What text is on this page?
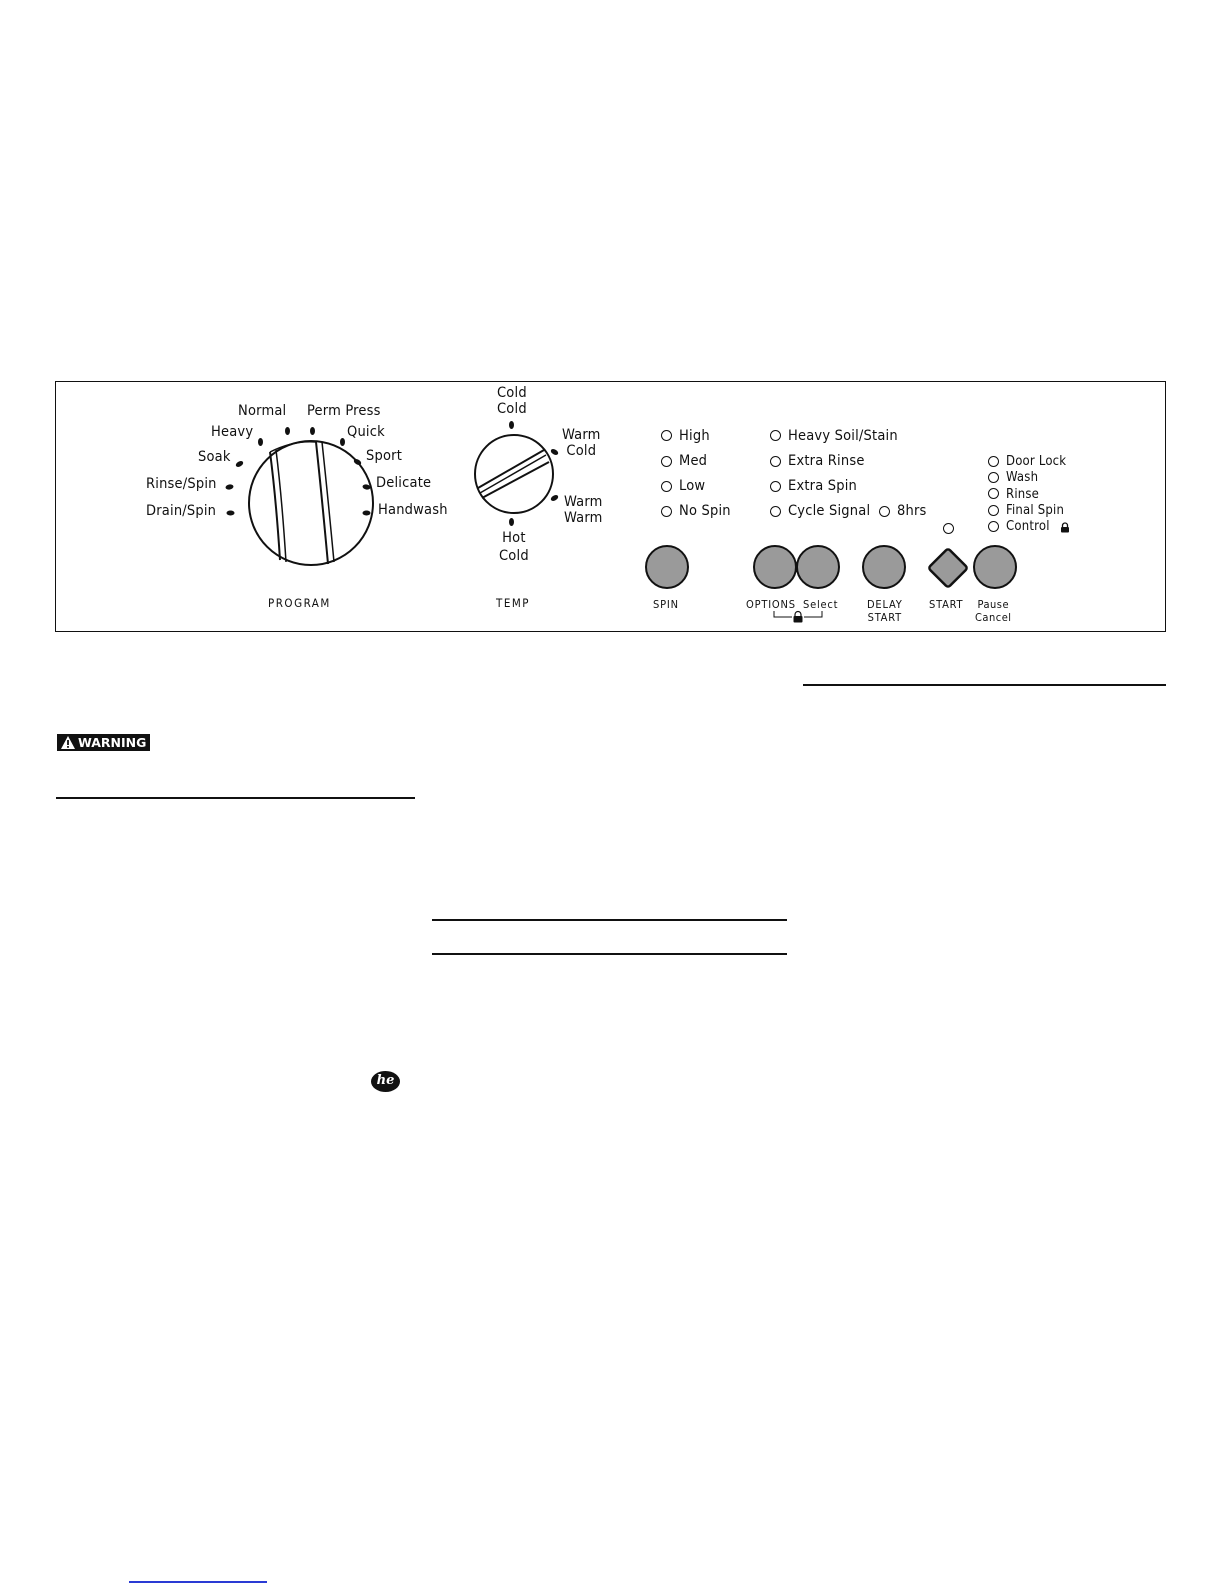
Normal Perm Press
Heavy
Soak
Rinse/Spin
Drain/Spin
Quick
Sport
Delicate
Handwash
PROGRAM
Cold
Cold
Warm
Cold
Warm
Warm
Hot
Cold
TEMP
High
Med
Low
No Spin
Heavy Soil/Stain
Extra Rinse
Extra Spin
Cycle Signal 8hrs
Door Lock
Wash
Rinse
Final Spin
Control
SPIN	OPTIONS Select	DELAY
START
START Pause
Cancel
WARNING
he
